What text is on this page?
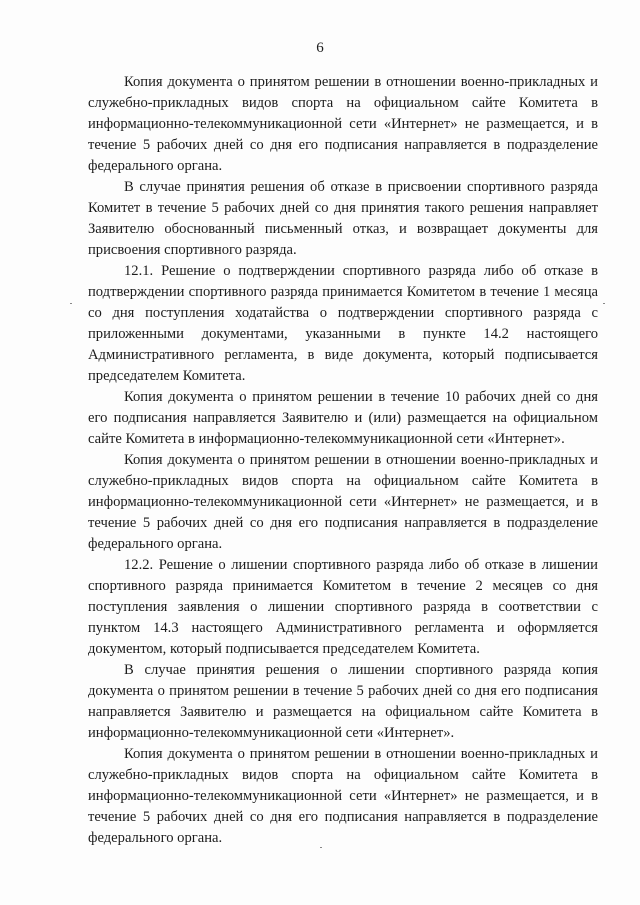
6

Копия документа о принятом решении в отношении военно-прикладных и служебно-прикладных видов спорта на официальном сайте Комитета в информационно-телекоммуникационной сети «Интернет» не размещается, и в течение 5 рабочих дней со дня его подписания направляется в подразделение федерального органа.

В случае принятия решения об отказе в присвоении спортивного разряда Комитет в течение 5 рабочих дней со дня принятия такого решения направляет Заявителю обоснованный письменный отказ, и возвращает документы для присвоения спортивного разряда.

12.1. Решение о подтверждении спортивного разряда либо об отказе в подтверждении спортивного разряда принимается Комитетом в течение 1 месяца со дня поступления ходатайства о подтверждении спортивного разряда с приложенными документами, указанными в пункте 14.2 настоящего Административного регламента, в виде документа, который подписывается председателем Комитета.

Копия документа о принятом решении в течение 10 рабочих дней со дня его подписания направляется Заявителю и (или) размещается на официальном сайте Комитета в информационно-телекоммуникационной сети «Интернет».

Копия документа о принятом решении в отношении военно-прикладных и служебно-прикладных видов спорта на официальном сайте Комитета в информационно-телекоммуникационной сети «Интернет» не размещается, и в течение 5 рабочих дней со дня его подписания направляется в подразделение федерального органа.

12.2. Решение о лишении спортивного разряда либо об отказе в лишении спортивного разряда принимается Комитетом в течение 2 месяцев со дня поступления заявления о лишении спортивного разряда в соответствии с пунктом 14.3 настоящего Административного регламента и оформляется документом, который подписывается председателем Комитета.

В случае принятия решения о лишении спортивного разряда копия документа о принятом решении в течение 5 рабочих дней со дня его подписания направляется Заявителю и размещается на официальном сайте Комитета в информационно-телекоммуникационной сети «Интернет».

Копия документа о принятом решении в отношении военно-прикладных и служебно-прикладных видов спорта на официальном сайте Комитета в информационно-телекоммуникационной сети «Интернет» не размещается, и в течение 5 рабочих дней со дня его подписания направляется в подразделение федерального органа.
